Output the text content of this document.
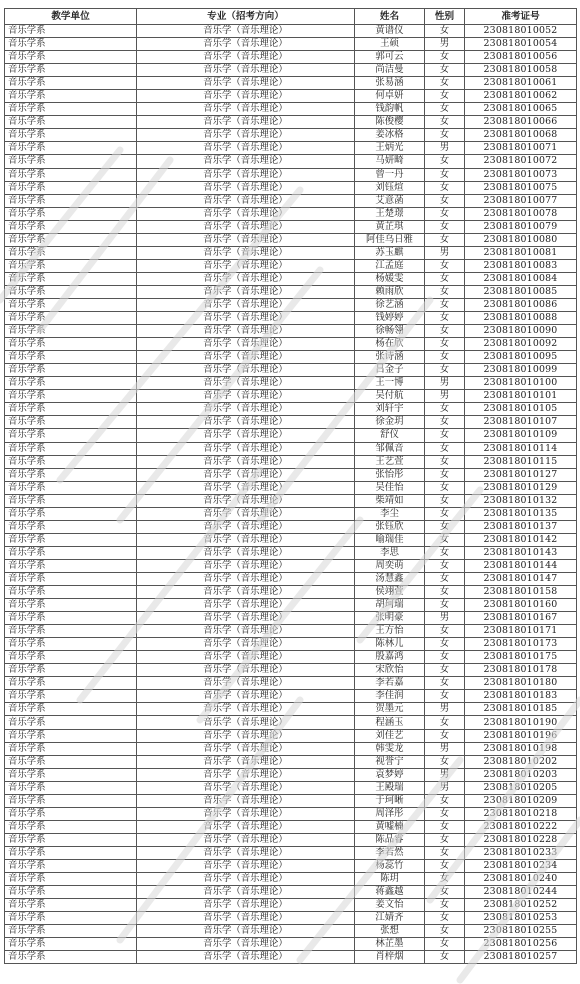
教学单位	专业（招考方向）	姓名	性别	准考证号
音乐学系	音乐学（音乐理论）	黄谱仪	女	230818010052
音乐学系	音乐学（音乐理论）	王硕	男	230818010054
音乐学系	音乐学（音乐理论）	郭可云	女	230818010056
音乐学系	音乐学（音乐理论）	尚洁曼	女	230818010058
音乐学系	音乐学（音乐理论）	张易涵	女	230818010061
音乐学系	音乐学（音乐理论）	何卓妍	女	230818010062
音乐学系	音乐学（音乐理论）	钱韵帆	女	230818010065
音乐学系	音乐学（音乐理论）	陈俊樱	女	230818010066
音乐学系	音乐学（音乐理论）	姜冰格	女	230818010068
音乐学系	音乐学（音乐理论）	王炳光	男	230818010071
音乐学系	音乐学（音乐理论）	马妍畸	女	230818010072
音乐学系	音乐学（音乐理论）	曾一丹	女	230818010073
音乐学系	音乐学（音乐理论）	刘钰煊	女	230818010075
音乐学系	音乐学（音乐理论）	艾意菡	女	230818010077
音乐学系	音乐学（音乐理论）	王楚璟	女	230818010078
音乐学系	音乐学（音乐理论）	黄芷琪	女	230818010079
音乐学系	音乐学（音乐理论）	阿佳乌日雅	女	230818010080
音乐学系	音乐学（音乐理论）	苏玉麒	男	230818010081
音乐学系	音乐学（音乐理论）	江孟庭	女	230818010083
音乐学系	音乐学（音乐理论）	杨媛雯	女	230818010084
音乐学系	音乐学（音乐理论）	赖雨欣	女	230818010085
音乐学系	音乐学（音乐理论）	徐艺涵	女	230818010086
音乐学系	音乐学（音乐理论）	钱婷婷	女	230818010088
音乐学系	音乐学（音乐理论）	徐畅翎	女	230818010090
音乐学系	音乐学（音乐理论）	杨在欣	女	230818010092
音乐学系	音乐学（音乐理论）	张诗涵	女	230818010095
音乐学系	音乐学（音乐理论）	吕金子	女	230818010099
音乐学系	音乐学（音乐理论）	王一博	男	230818010100
音乐学系	音乐学（音乐理论）	吴付航	男	230818010101
音乐学系	音乐学（音乐理论）	刘轩宇	女	230818010105
音乐学系	音乐学（音乐理论）	徐金玥	女	230818010107
音乐学系	音乐学（音乐理论）	舒仪	女	230818010109
音乐学系	音乐学（音乐理论）	邹佩音	女	230818010114
音乐学系	音乐学（音乐理论）	王艺萱	女	230818010115
音乐学系	音乐学（音乐理论）	张怡彤	女	230818010127
音乐学系	音乐学（音乐理论）	吴佳怡	女	230818010129
音乐学系	音乐学（音乐理论）	柴靖如	女	230818010132
音乐学系	音乐学（音乐理论）	李尘	女	230818010135
音乐学系	音乐学（音乐理论）	张钰欣	女	230818010137
音乐学系	音乐学（音乐理论）	喻瑞佳	女	230818010142
音乐学系	音乐学（音乐理论）	李思	女	230818010143
音乐学系	音乐学（音乐理论）	周奕萌	女	230818010144
音乐学系	音乐学（音乐理论）	汤慧鑫	女	230818010147
音乐学系	音乐学（音乐理论）	侯翊萱	女	230818010158
音乐学系	音乐学（音乐理论）	胡珂瑞	女	230818010160
音乐学系	音乐学（音乐理论）	张明豪	男	230818010167
音乐学系	音乐学（音乐理论）	王方怡	女	230818010171
音乐学系	音乐学（音乐理论）	陈林儿	女	230818010173
音乐学系	音乐学（音乐理论）	殷嘉鸿	女	230818010175
音乐学系	音乐学（音乐理论）	宋欣怡	女	230818010178
音乐学系	音乐学（音乐理论）	李若嘉	女	230818010180
音乐学系	音乐学（音乐理论）	李佳润	女	230818010183
音乐学系	音乐学（音乐理论）	贺墨元	男	230818010185
音乐学系	音乐学（音乐理论）	程涵玉	女	230818010190
音乐学系	音乐学（音乐理论）	刘佳艺	女	230818010196
音乐学系	音乐学（音乐理论）	韩雯龙	男	230818010198
音乐学系	音乐学（音乐理论）	视誉宁	女	230818010202
音乐学系	音乐学（音乐理论）	袁梦婷	男	230818010203
音乐学系	音乐学（音乐理论）	王殿瑞	男	230818010205
音乐学系	音乐学（音乐理论）	于珂晰	女	230818010209
音乐学系	音乐学（音乐理论）	周泽彤	女	230818010218
音乐学系	音乐学（音乐理论）	黄嘘楠	女	230818010222
音乐学系	音乐学（音乐理论）	陈品睿	女	230818010228
音乐学系	音乐学（音乐理论）	李若然	女	230818010233
音乐学系	音乐学（音乐理论）	杨蕊竹	女	230818010234
音乐学系	音乐学（音乐理论）	陈玥	女	230818010240
音乐学系	音乐学（音乐理论）	蒋鑫越	女	230818010244
音乐学系	音乐学（音乐理论）	姜文怡	女	230818010252
音乐学系	音乐学（音乐理论）	江婧齐	女	230818010253
音乐学系	音乐学（音乐理论）	张想	女	230818010255
音乐学系	音乐学（音乐理论）	林芷墨	女	230818010256
音乐学系	音乐学（音乐理论）	肖梓烟	女	230818010257
